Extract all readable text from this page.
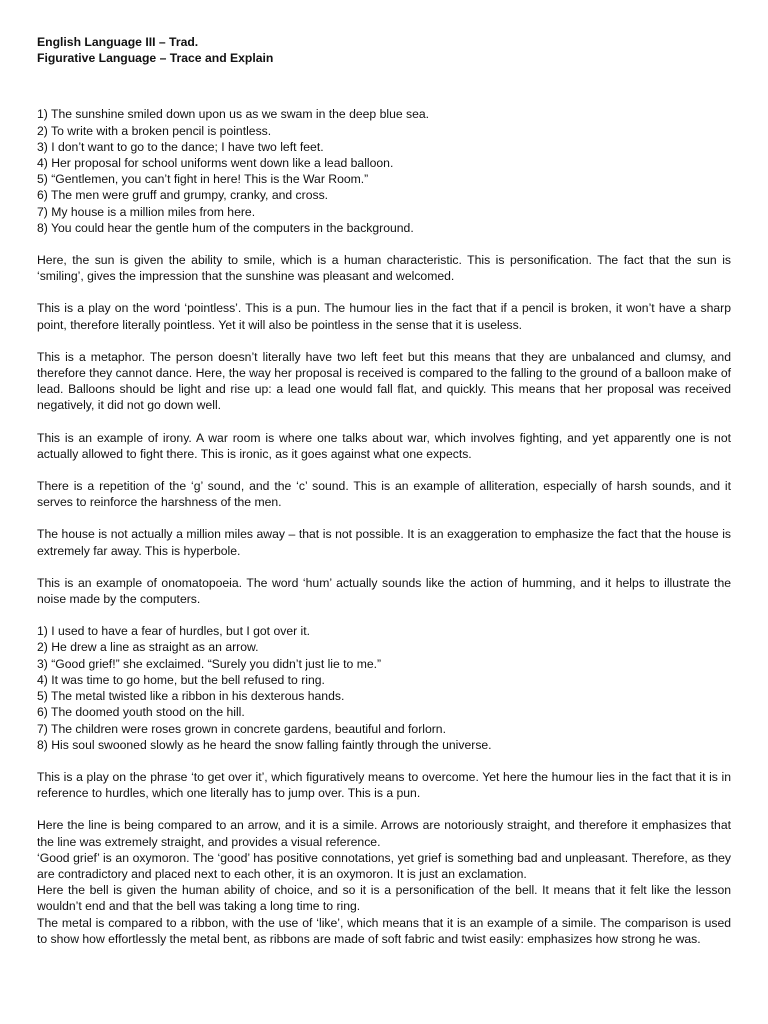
English Language III – Trad.

Figurative Language – Trace and Explain

1) The sunshine smiled down upon us as we swam in the deep blue sea.
2) To write with a broken pencil is pointless.
3) I don’t want to go to the dance; I have two left feet.
4) Her proposal for school uniforms went down like a lead balloon.
5) “Gentlemen, you can’t fight in here! This is the War Room.”
6) The men were gruff and grumpy, cranky, and cross.
7) My house is a million miles from here.
8) You could hear the gentle hum of the computers in the background.

Here, the sun is given the ability to smile, which is a human characteristic. This is personification. The fact that the sun is ‘smiling’, gives the impression that the sunshine was pleasant and welcomed.

This is a play on the word ‘pointless’. This is a pun. The humour lies in the fact that if a pencil is broken, it won’t have a sharp point, therefore literally pointless. Yet it will also be pointless in the sense that it is useless.

This is a metaphor. The person doesn’t literally have two left feet but this means that they are unbalanced and clumsy, and therefore they cannot dance. Here, the way her proposal is received is compared to the falling to the ground of a balloon make of lead. Balloons should be light and rise up: a lead one would fall flat, and quickly. This means that her proposal was received negatively, it did not go down well.

This is an example of irony. A war room is where one talks about war, which involves fighting, and yet apparently one is not actually allowed to fight there. This is ironic, as it goes against what one expects.

There is a repetition of the ‘g’ sound, and the ‘c’ sound. This is an example of alliteration, especially of harsh sounds, and it serves to reinforce the harshness of the men.

The house is not actually a million miles away – that is not possible. It is an exaggeration to emphasize the fact that the house is extremely far away. This is hyperbole.

This is an example of onomatopoeia. The word ‘hum’ actually sounds like the action of humming, and it helps to illustrate the noise made by the computers.

1) I used to have a fear of hurdles, but I got over it.
2) He drew a line as straight as an arrow.
3) “Good grief!” she exclaimed. “Surely you didn’t just lie to me.”
4) It was time to go home, but the bell refused to ring.
5) The metal twisted like a ribbon in his dexterous hands.
6) The doomed youth stood on the hill.
7) The children were roses grown in concrete gardens, beautiful and forlorn.
8) His soul swooned slowly as he heard the snow falling faintly through the universe.

This is a play on the phrase ‘to get over it’, which figuratively means to overcome. Yet here the humour lies in the fact that it is in reference to hurdles, which one literally has to jump over. This is a pun.

Here the line is being compared to an arrow, and it is a simile. Arrows are notoriously straight, and therefore it emphasizes that the line was extremely straight, and provides a visual reference.

‘Good grief’ is an oxymoron. The ‘good’ has positive connotations, yet grief is something bad and unpleasant. Therefore, as they are contradictory and placed next to each other, it is an oxymoron. It is just an exclamation.

Here the bell is given the human ability of choice, and so it is a personification of the bell. It means that it felt like the lesson wouldn’t end and that the bell was taking a long time to ring.

The metal is compared to a ribbon, with the use of ‘like’, which means that it is an example of a simile. The comparison is used to show how effortlessly the metal bent, as ribbons are made of soft fabric and twist easily: emphasizes how strong he was.
